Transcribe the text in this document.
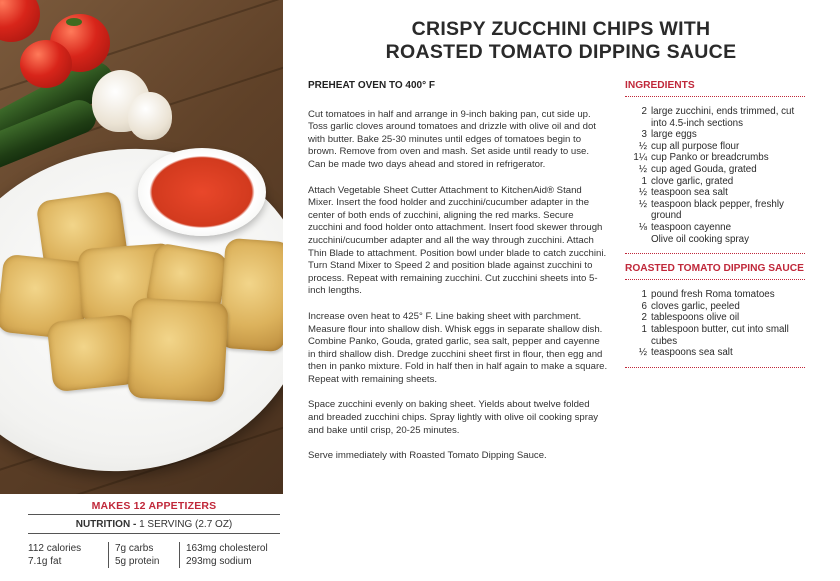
MAKES 12 APPETIZERS
NUTRITION - 1 SERVING (2.7 OZ)
112 calories
7.1g fat
7g carbs
5g protein
163mg cholesterol
293mg sodium
CRISPY ZUCCHINI CHIPS WITH
ROASTED TOMATO DIPPING SAUCE
PREHEAT OVEN TO 400° F

Cut tomatoes in half and arrange in 9-inch baking pan, cut side up. Toss garlic cloves around tomatoes and drizzle with olive oil and dot with butter. Bake 25-30 minutes until edges of tomatoes begin to brown. Remove from oven and mash. Set aside until ready to use. Can be made two days ahead and stored in refrigerator.

Attach Vegetable Sheet Cutter Attachment to KitchenAid® Stand Mixer. Insert the food holder and zucchini/cucumber adapter in the center of both ends of zucchini, aligning the red marks. Secure zucchini and food holder onto attachment. Insert food skewer through zucchini/cucumber adapter and all the way through zucchini. Attach Thin Blade to attachment. Position bowl under blade to catch zucchini. Turn Stand Mixer to Speed 2 and position blade against zucchini to process. Repeat with remaining zucchini. Cut zucchini sheets into 5-inch lengths.

Increase oven heat to 425° F. Line baking sheet with parchment. Measure flour into shallow dish. Whisk eggs in separate shallow dish. Combine Panko, Gouda, grated garlic, sea salt, pepper and cayenne in third shallow dish. Dredge zucchini sheet first in flour, then egg and then in panko mixture. Fold in half then in half again to make a square. Repeat with remaining sheets.

Space zucchini evenly on baking sheet. Yields about twelve folded and breaded zucchini chips. Spray lightly with olive oil cooking spray and bake until crisp, 20-25 minutes.

Serve immediately with Roasted Tomato Dipping Sauce.

INGREDIENTS
2 large zucchini, ends trimmed, cut into 4.5-inch sections
3 large eggs
½ cup all purpose flour
1¼ cup Panko or breadcrumbs
½ cup aged Gouda, grated
1 clove garlic, grated
½ teaspoon sea salt
½ teaspoon black pepper, freshly ground
⅛ teaspoon cayenne
Olive oil cooking spray
ROASTED TOMATO DIPPING SAUCE
1 pound fresh Roma tomatoes
6 cloves garlic, peeled
2 tablespoons olive oil
1 tablespoon butter, cut into small cubes
½ teaspoons sea salt
